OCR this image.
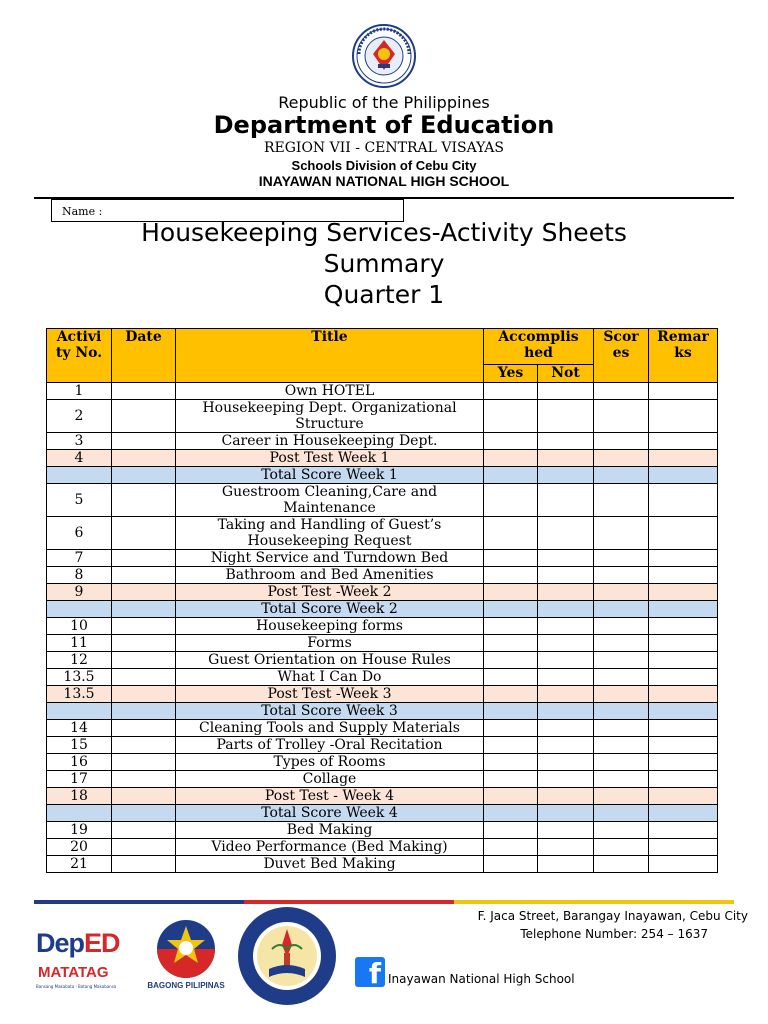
Republic of the Philippines
Department of Education
REGION VII - CENTRAL VISAYAS
Schools Division of Cebu City
INAYAWAN NATIONAL HIGH SCHOOL
Name :
Housekeeping Services-Activity Sheets
Summary
Quarter 1
Activi ty No.	Date	Title	Accomplis hed		Scor es	Remar ks
			Yes	Not		
1		Own HOTEL				
2		Housekeeping Dept. Organizational Structure				
3		Career in Housekeeping Dept.				
4		Post Test Week 1				
		Total Score Week 1				
5		Guestroom Cleaning,Care and Maintenance				
6		Taking and Handling of Guest’s Housekeeping Request				
7		Night Service and Turndown Bed				
8		Bathroom and Bed Amenities				
9		Post Test -Week 2				
		Total Score Week 2				
10		Housekeeping forms				
11		Forms				
12		Guest Orientation on House Rules				
13.5		What I Can Do				
13.5		Post Test -Week 3				
		Total Score Week 3				
14		Cleaning Tools and Supply Materials				
15		Parts of Trolley -Oral Recitation				
16		Types of Rooms				
17		Collage				
18		Post Test - Week 4				
		Total Score Week 4				
19		Bed Making				
20		Video Performance (Bed Making)				
21		Duvet Bed Making				
DepED
MATATAG
Bansang Makabata · Batang Makabansa	BAGONG PILIPINAS
F. Jaca Street, Barangay Inayawan, Cebu City
Telephone Number: 254 – 1637
f Inayawan National High School
